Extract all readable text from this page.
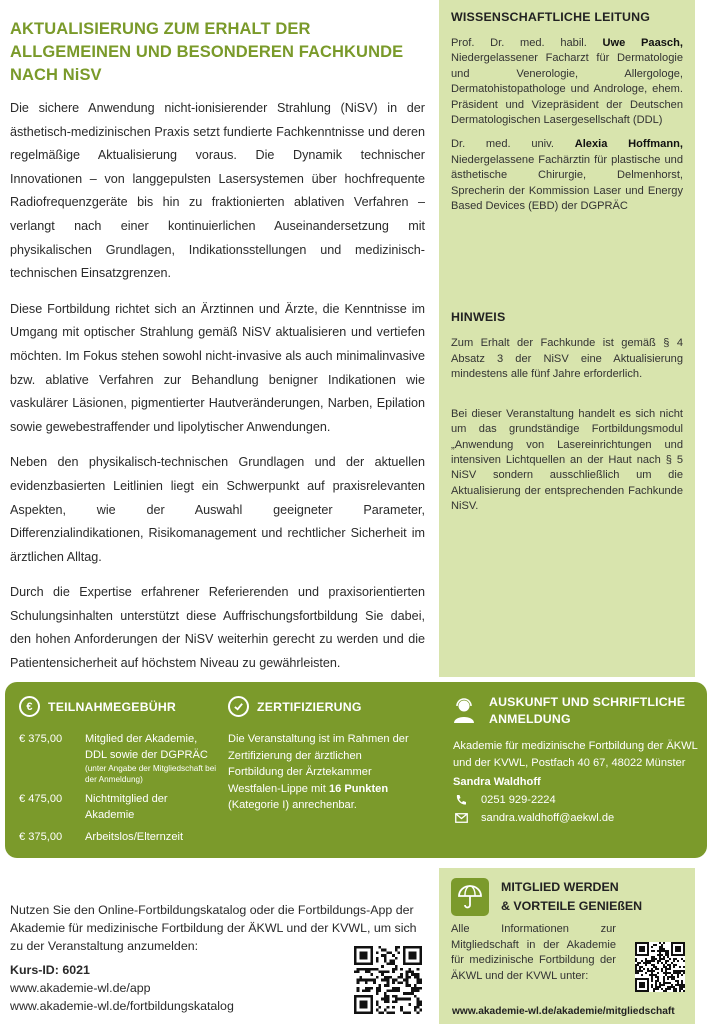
AKTUALISIERUNG ZUM ERHALT DER ALLGEMEINEN UND BESONDEREN FACHKUNDE NACH NiSV

Die sichere Anwendung nicht-ionisierender Strahlung (NiSV) in der ästhetisch-medizinischen Praxis setzt fundierte Fachkenntnisse und deren regelmäßige Aktualisierung voraus. Die Dynamik technischer Innovationen – von langgepulsten Lasersystemen über hochfrequente Radiofrequenzgeräte bis hin zu fraktionierten ablativen Verfahren – verlangt nach einer kontinuierlichen Auseinandersetzung mit physikalischen Grundlagen, Indikationsstellungen und medizinisch-technischen Einsatzgrenzen.

Diese Fortbildung richtet sich an Ärztinnen und Ärzte, die Kenntnisse im Umgang mit optischer Strahlung gemäß NiSV aktualisieren und vertiefen möchten. Im Fokus stehen sowohl nicht-invasive als auch minimalinvasive bzw. ablative Verfahren zur Behandlung benigner Indikationen wie vaskulärer Läsionen, pigmentierter Hautveränderungen, Narben, Epilation sowie gewebestraffender und lipolytischer Anwendungen.

Neben den physikalisch-technischen Grundlagen und der aktuellen evidenzbasierten Leitlinien liegt ein Schwerpunkt auf praxisrelevanten Aspekten, wie der Auswahl geeigneter Parameter, Differenzialindikationen, Risikomanagement und rechtlicher Sicherheit im ärztlichen Alltag.

Durch die Expertise erfahrener Referierenden und praxisorientierten Schulungsinhalten unterstützt diese Auffrischungsfortbildung Sie dabei, den hohen Anforderungen der NiSV weiterhin gerecht zu werden und die Patientensicherheit auf höchstem Niveau zu gewährleisten.

WISSENSCHAFTLICHE LEITUNG

Prof. Dr. med. habil. Uwe Paasch, Niedergelassener Facharzt für Dermatologie und Venerologie, Allergologe, Dermatohistopathologe und Androloge, ehem. Präsident und Vizepräsident der Deutschen Dermatologischen Lasergesellschaft (DDL)

Dr. med. univ. Alexia Hoffmann, Niedergelassene Fachärztin für plastische und ästhetische Chirurgie, Delmenhorst, Sprecherin der Kommission Laser und Energy Based Devices (EBD) der DGPRÄC

HINWEIS

Zum Erhalt der Fachkunde ist gemäß § 4 Absatz 3 der NiSV eine Aktualisierung mindestens alle fünf Jahre erforderlich.

Bei dieser Veranstaltung handelt es sich nicht um das grundständige Fortbildungsmodul „Anwendung von Lasereinrichtungen und intensiven Lichtquellen an der Haut nach § 5 NiSV sondern ausschließlich um die Aktualisierung der entsprechenden Fachkunde NiSV.

€	TEILNAHMEGEBÜHR
€ 375,00	Mitglied der Akademie, DDL sowie der DGPRÄC
(unter Angabe der Mitgliedschaft bei der Anmeldung)
€ 475,00	Nichtmitglied der Akademie
€ 375,00	Arbeitslos/Elternzeit
ZERTIFIZIERUNG

Die Veranstaltung ist im Rahmen der Zertifizierung der ärztlichen Fortbildung der Ärztekammer Westfalen-Lippe mit 16 Punkten (Kategorie I) anrechenbar.

AUSKUNFT UND SCHRIFTLICHE ANMELDUNG

Akademie für medizinische Fortbildung der ÄKWL und der KVWL, Postfach 40 67, 48022 Münster

Sandra Waldhoff

0251 929-2224
sandra.waldhoff@aekwl.de

Nutzen Sie den Online-Fortbildungskatalog oder die Fortbildungs-App der Akademie für medizinische Fortbildung der ÄKWL und der KVWL, um sich zu der Veranstaltung anzumelden:

Kurs-ID: 6021

www.akademie-wl.de/app

www.akademie-wl.de/fortbildungskatalog

MITGLIED WERDEN
& VORTEILE GENIEßEN

Alle Informationen zur Mitgliedschaft in der Akademie für medizinische Fortbildung der ÄKWL und der KVWL unter:

www.akademie-wl.de/akademie/mitgliedschaft
